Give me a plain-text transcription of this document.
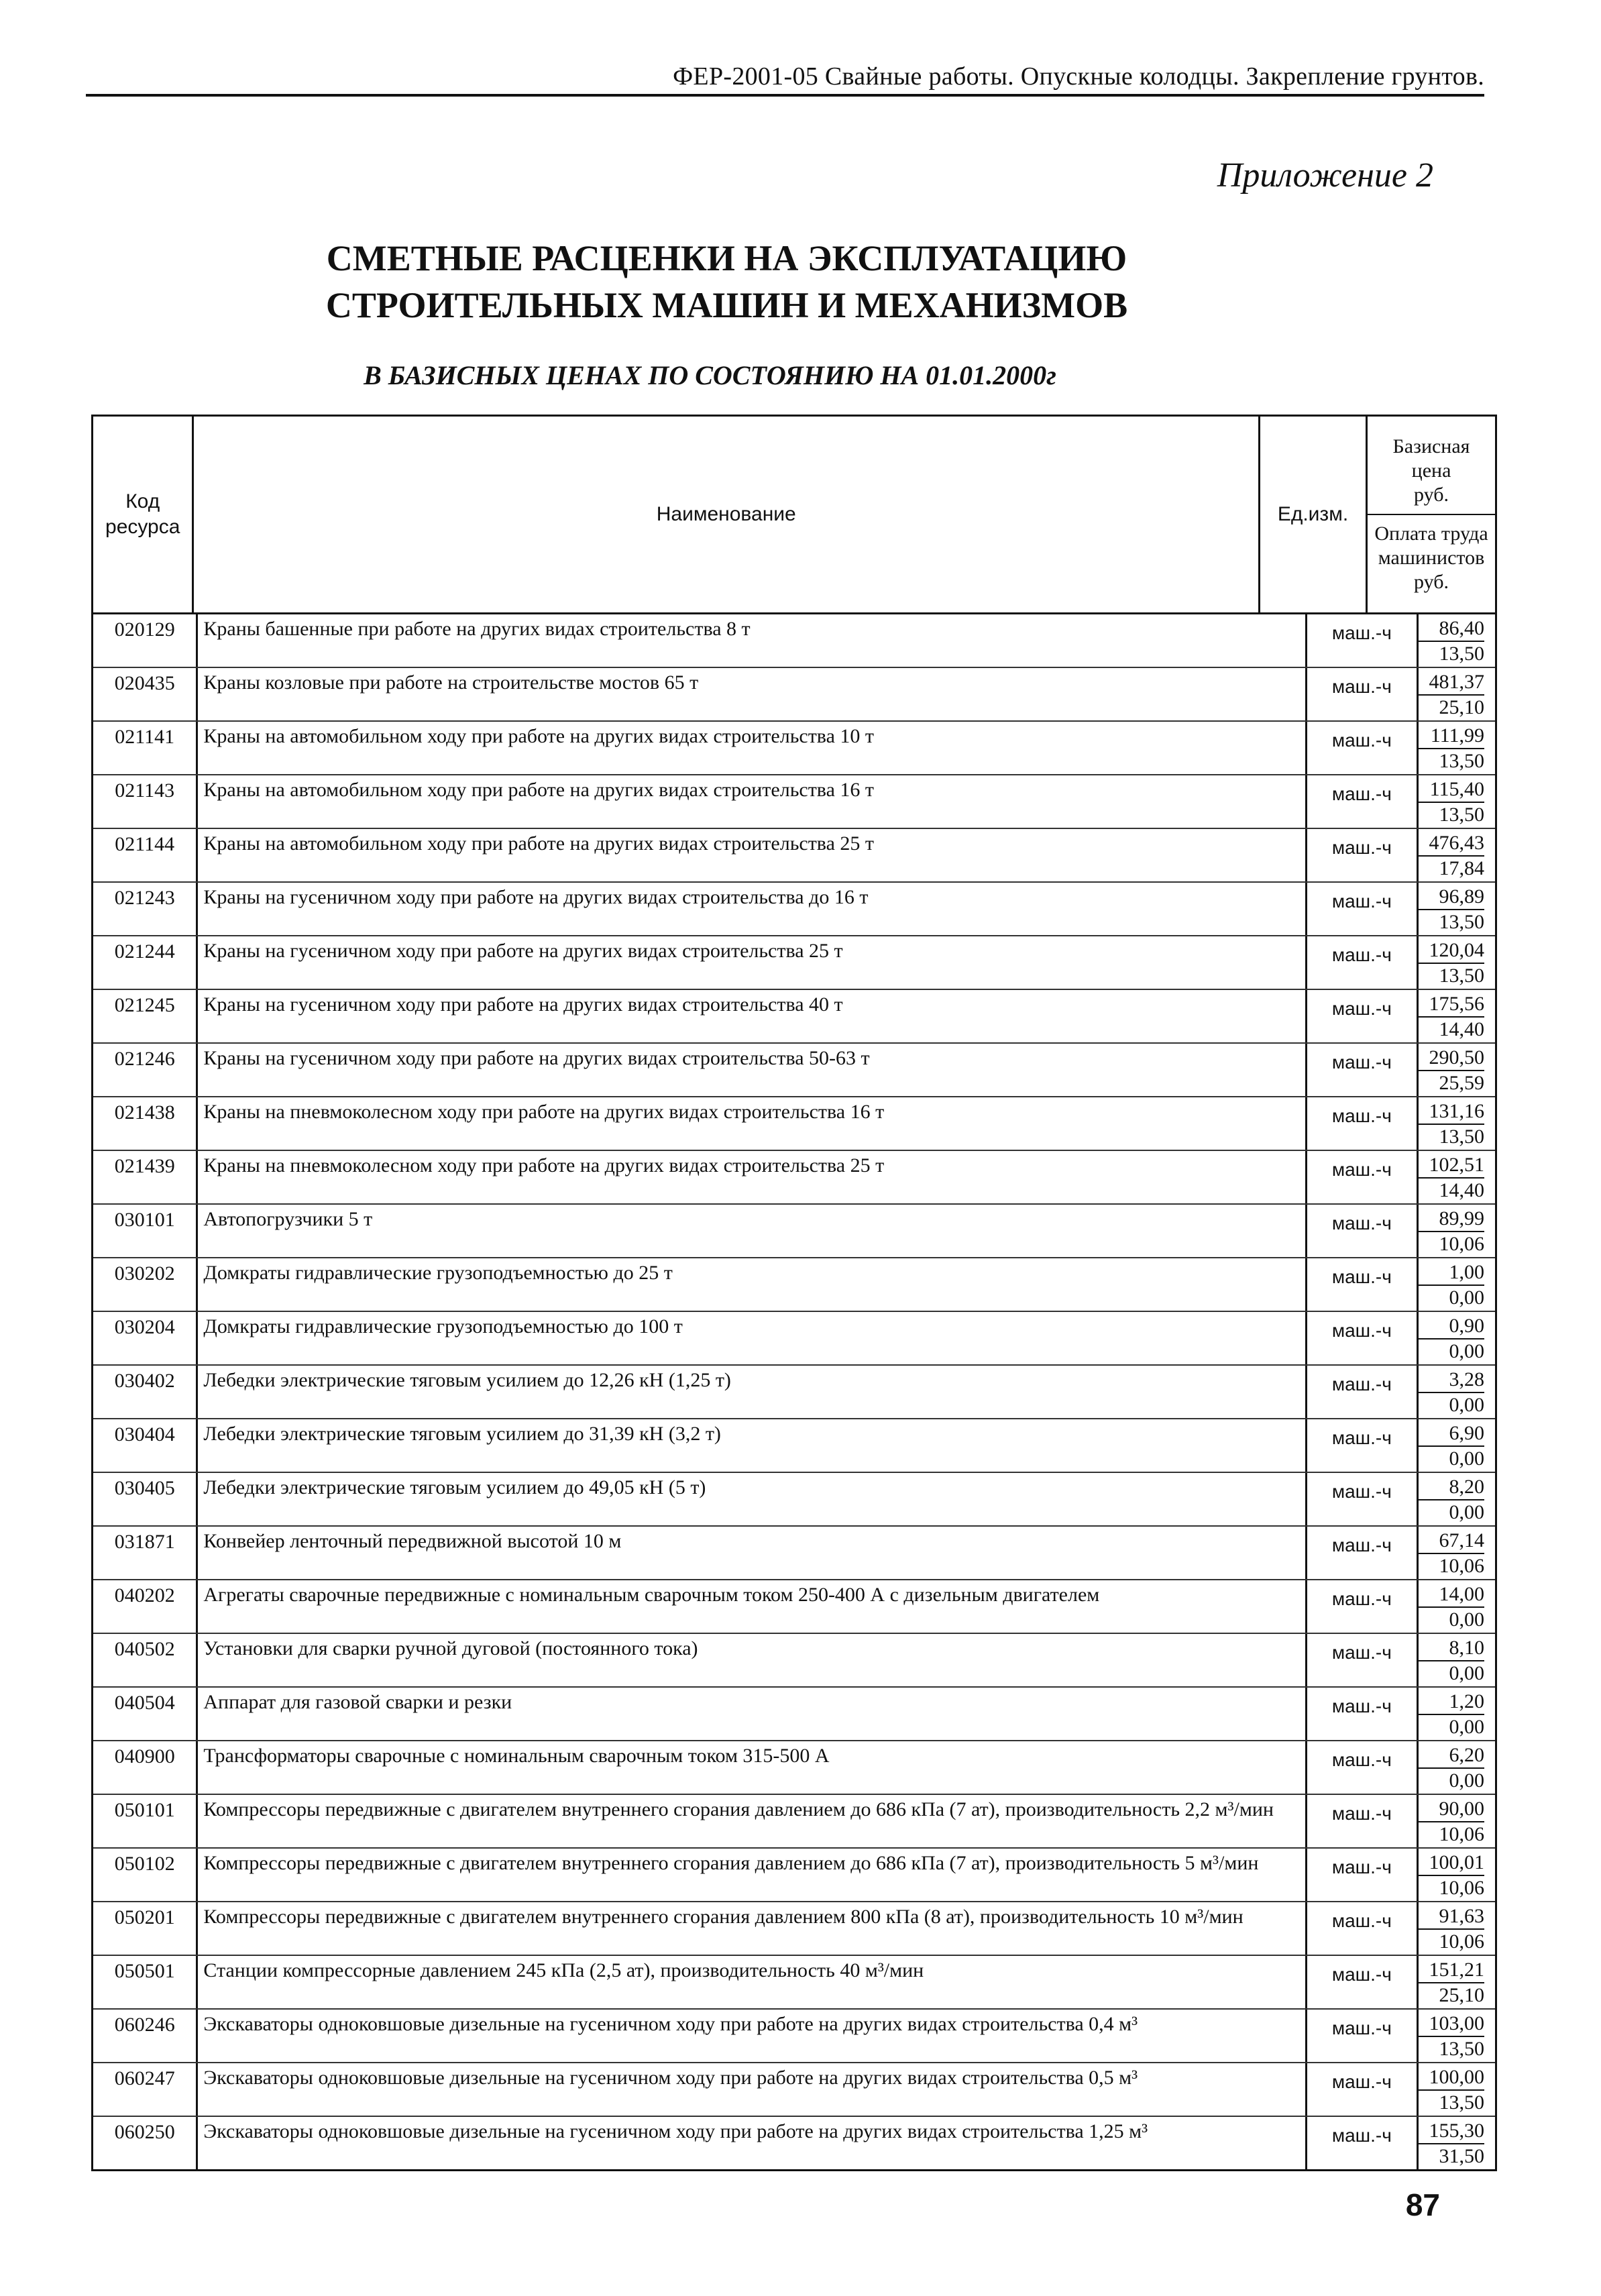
ФЕР-2001-05 Свайные работы. Опускные колодцы. Закрепление грунтов.
Приложение 2
СМЕТНЫЕ РАСЦЕНКИ НА ЭКСПЛУАТАЦИЮ
СТРОИТЕЛЬНЫХ МАШИН И МЕХАНИЗМОВ
В БАЗИСНЫХ ЦЕНАХ ПО СОСТОЯНИЮ НА 01.01.2000г
Код
ресурса
Наименование	Ед.изм.
Базисная
цена
руб.
Оплата труда
машинистов
руб.
020129	Краны башенные при работе на других видах строительства 8 т	маш.-ч	86,40
13,50
020435	Краны козловые при работе на строительстве мостов 65 т	маш.-ч	481,37
25,10
021141	Краны на автомобильном ходу при работе на других видах строительства 10 т	маш.-ч	111,99
13,50
021143	Краны на автомобильном ходу при работе на других видах строительства 16 т	маш.-ч	115,40
13,50
021144	Краны на автомобильном ходу при работе на других видах строительства 25 т	маш.-ч	476,43
17,84
021243	Краны на гусеничном ходу при работе на других видах строительства до 16 т	маш.-ч	96,89
13,50
021244	Краны на гусеничном ходу при работе на других видах строительства 25 т	маш.-ч	120,04
13,50
021245	Краны на гусеничном ходу при работе на других видах строительства 40 т	маш.-ч	175,56
14,40
021246	Краны на гусеничном ходу при работе на других видах строительства 50-63 т	маш.-ч	290,50
25,59
021438	Краны на пневмоколесном ходу при работе на других видах строительства 16 т	маш.-ч	131,16
13,50
021439	Краны на пневмоколесном ходу при работе на других видах строительства 25 т	маш.-ч	102,51
14,40
030101	Автопогрузчики 5 т	маш.-ч	89,99
10,06
030202	Домкраты гидравлические грузоподъемностью до 25 т	маш.-ч	1,00
0,00
030204	Домкраты гидравлические грузоподъемностью до 100 т	маш.-ч	0,90
0,00
030402	Лебедки электрические тяговым усилием до 12,26 кН (1,25 т)	маш.-ч	3,28
0,00
030404	Лебедки электрические тяговым усилием до 31,39 кН (3,2 т)	маш.-ч	6,90
0,00
030405	Лебедки электрические тяговым усилием до 49,05 кН (5 т)	маш.-ч	8,20
0,00
031871	Конвейер ленточный передвижной высотой 10 м	маш.-ч	67,14
10,06
040202	Агрегаты сварочные передвижные с номинальным сварочным током 250-400 А с дизельным двигателем	маш.-ч	14,00
0,00
040502	Установки для сварки ручной дуговой (постоянного тока)	маш.-ч	8,10
0,00
040504	Аппарат для газовой сварки и резки	маш.-ч	1,20
0,00
040900	Трансформаторы сварочные с номинальным сварочным током 315-500 А	маш.-ч	6,20
0,00
050101	Компрессоры передвижные с двигателем внутреннего сгорания давлением до 686 кПа (7 ат), производительность 2,2 м³/мин	маш.-ч	90,00
10,06
050102	Компрессоры передвижные с двигателем внутреннего сгорания давлением до 686 кПа (7 ат), производительность 5 м³/мин	маш.-ч	100,01
10,06
050201	Компрессоры передвижные с двигателем внутреннего сгорания давлением 800 кПа (8 ат), производительность 10 м³/мин	маш.-ч	91,63
10,06
050501	Станции компрессорные давлением 245 кПа (2,5 ат), производительность 40 м³/мин	маш.-ч	151,21
25,10
060246	Экскаваторы одноковшовые дизельные на гусеничном ходу при работе на других видах строительства 0,4 м³	маш.-ч	103,00
13,50
060247	Экскаваторы одноковшовые дизельные на гусеничном ходу при работе на других видах строительства 0,5 м³	маш.-ч	100,00
13,50
060250	Экскаваторы одноковшовые дизельные на гусеничном ходу при работе на других видах строительства 1,25 м³	маш.-ч	155,30
31,50
87
